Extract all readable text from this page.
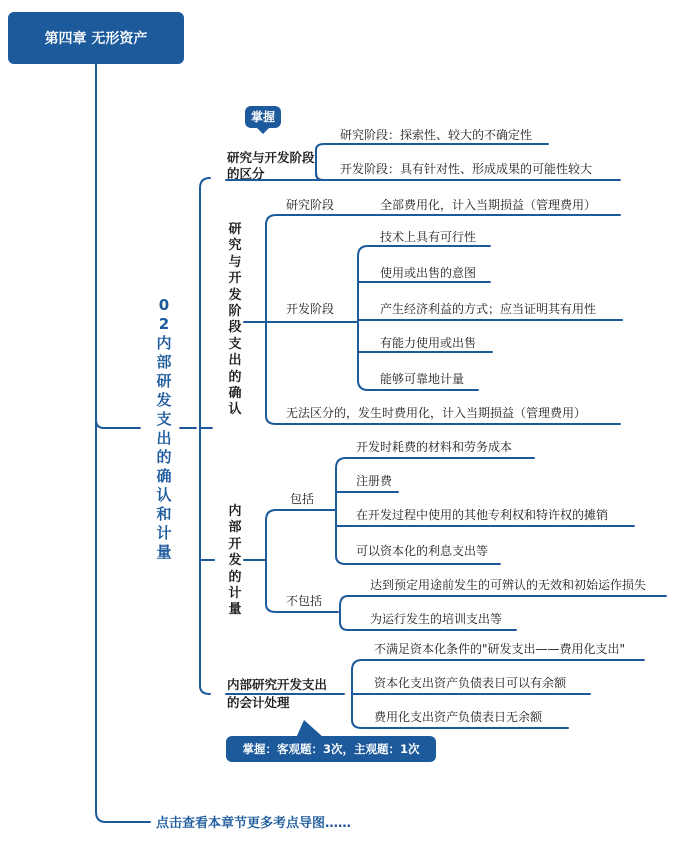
第四章 无形资产
02内部研发支出的确认和计量
掌握
研究与开发阶段的区分
研究阶段：探索性、较大的不确定性
开发阶段：具有针对性、形成成果的可能性较大
研究与开发阶段支出的确认
研究阶段	全部费用化，计入当期损益（管理费用）
开发阶段
技术上具有可行性
使用或出售的意图
产生经济利益的方式；应当证明其有用性
有能力使用或出售
能够可靠地计量
无法区分的，发生时费用化，计入当期损益（管理费用）
内部开发的计量
包括
开发时耗费的材料和劳务成本
注册费
在开发过程中使用的其他专利权和特许权的摊销
可以资本化的利息支出等
不包括
达到预定用途前发生的可辨认的无效和初始运作损失
为运行发生的培训支出等
内部研究开发支出
的会计处理
不满足资本化条件的"研发支出——费用化支出"
资本化支出资产负债表日可以有余额
费用化支出资产负债表日无余额
掌握：客观题：3次，主观题：1次
点击查看本章节更多考点导图……
